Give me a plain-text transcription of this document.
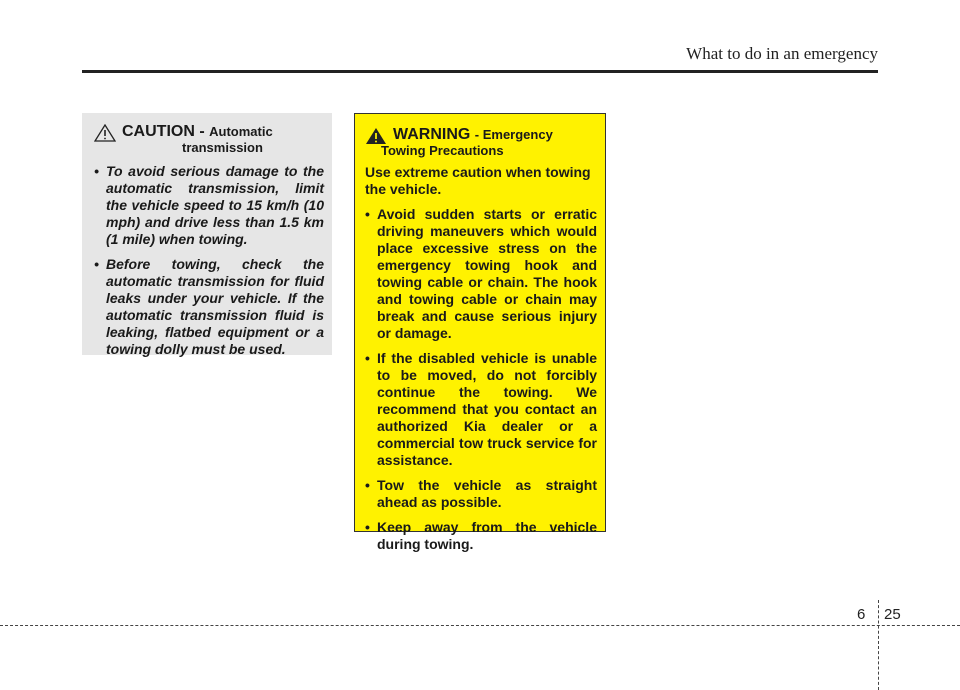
What to do in an emergency
CAUTION - Automatic
transmission
• To avoid serious damage to the automatic transmission, limit the vehicle speed to 15 km/h (10 mph) and drive less than 1.5 km (1 mile) when towing.
• Before towing, check the automatic transmission for fluid leaks under your vehicle. If the automatic transmission fluid is leaking, flatbed equipment or a towing dolly must be used.
WARNING - Emergency
Towing Precautions
Use extreme caution when towing the vehicle.
• Avoid sudden starts or erratic driving maneuvers which would place excessive stress on the emergency towing hook and towing cable or chain. The hook and towing cable or chain may break and cause serious injury or damage.
• If the disabled vehicle is unable to be moved, do not forcibly continue the towing. We recommend that you contact an authorized Kia dealer or a commercial tow truck service for assistance.
• Tow the vehicle as straight ahead as possible.
• Keep away from the vehicle during towing.
6 25
